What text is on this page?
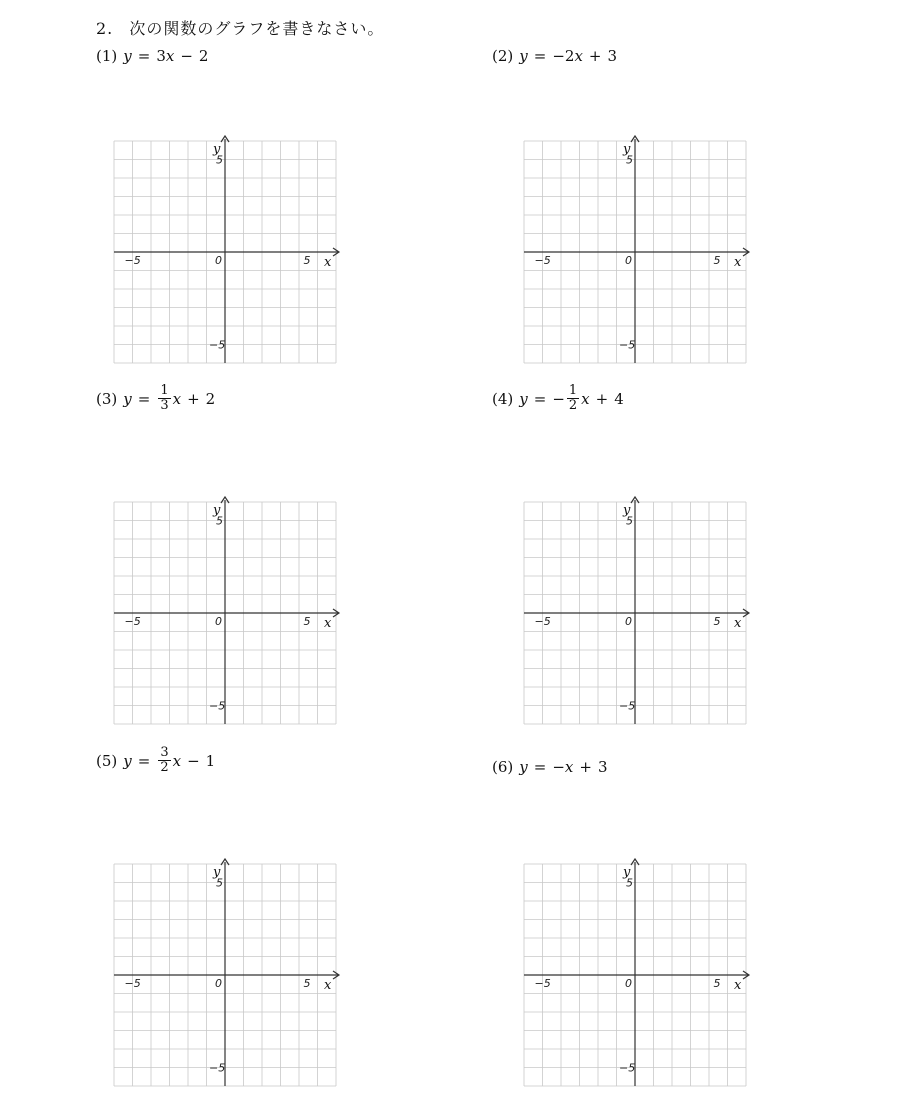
2. 次の関数のグラフを書きなさい。
(1) y = 3 x − 2
x
y
−5	5
5
−5
0
(2) y = −2 x + 3
x
y
−5	5
5
−5
0
(3) $y = \frac{1}{3}$ x + 2
x
y
−5	5
5
−5
0
(4) y = − $\frac{1}{2}$ x + 4
x
y
−5	5
5
−5
0
(5) $y = \frac{3}{2}$ x − 1
x
y
−5	5
5
−5
0
(6) y = − x + 3
x
y
−5	5
5
−5
0
